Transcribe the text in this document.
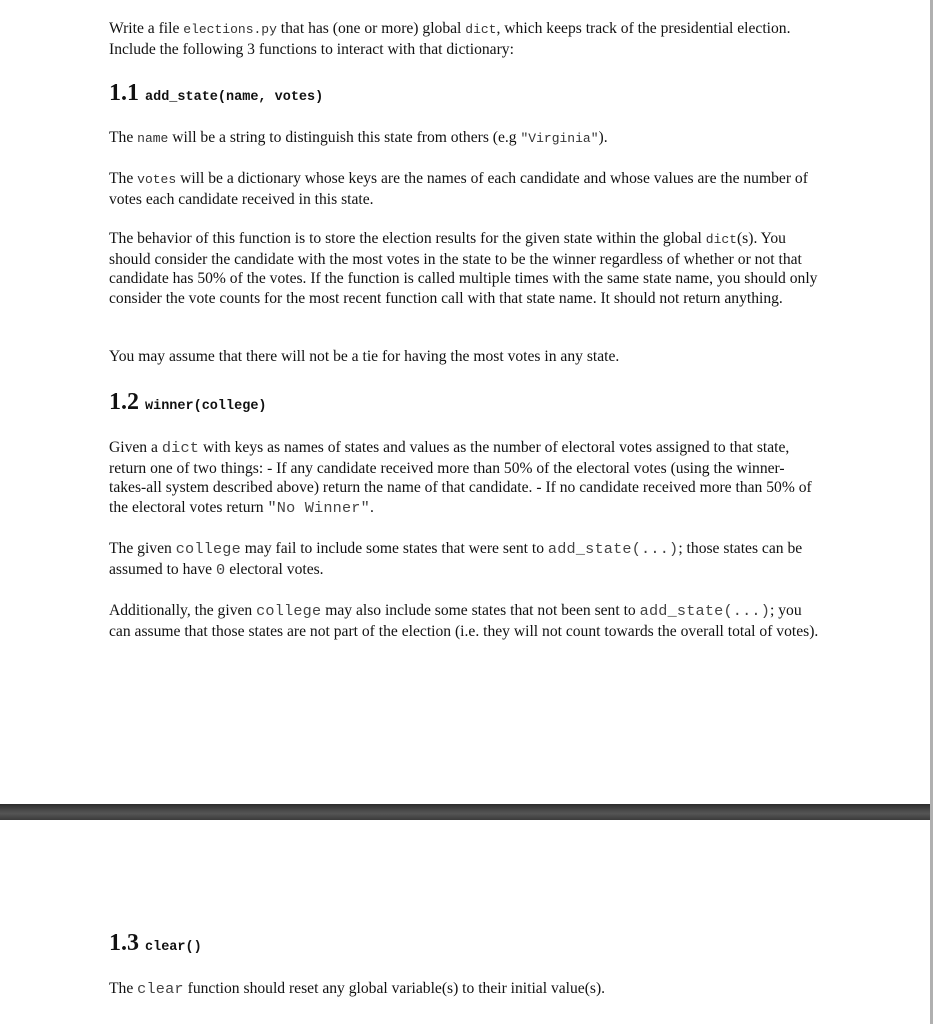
Write a file elections.py that has (one or more) global dict, which keeps track of the presidential election. Include the following 3 functions to interact with that dictionary:

1.1 add_state(name, votes)

The name will be a string to distinguish this state from others (e.g "Virginia").

The votes will be a dictionary whose keys are the names of each candidate and whose values are the number of votes each candidate received in this state.

The behavior of this function is to store the election results for the given state within the global dict(s). You should consider the candidate with the most votes in the state to be the winner regardless of whether or not that candidate has 50% of the votes. If the function is called multiple times with the same state name, you should only consider the vote counts for the most recent function call with that state name. It should not return anything.

You may assume that there will not be a tie for having the most votes in any state.

1.2 winner(college)

Given a dict with keys as names of states and values as the number of electoral votes assigned to that state, return one of two things: - If any candidate received more than 50% of the electoral votes (using the winner-takes-all system described above) return the name of that candidate. - If no candidate received more than 50% of the electoral votes return "No Winner".

The given college may fail to include some states that were sent to add_state(...); those states can be assumed to have 0 electoral votes.

Additionally, the given college may also include some states that not been sent to add_state(...); you can assume that those states are not part of the election (i.e. they will not count towards the overall total of votes).

1.3 clear()

The clear function should reset any global variable(s) to their initial value(s).
